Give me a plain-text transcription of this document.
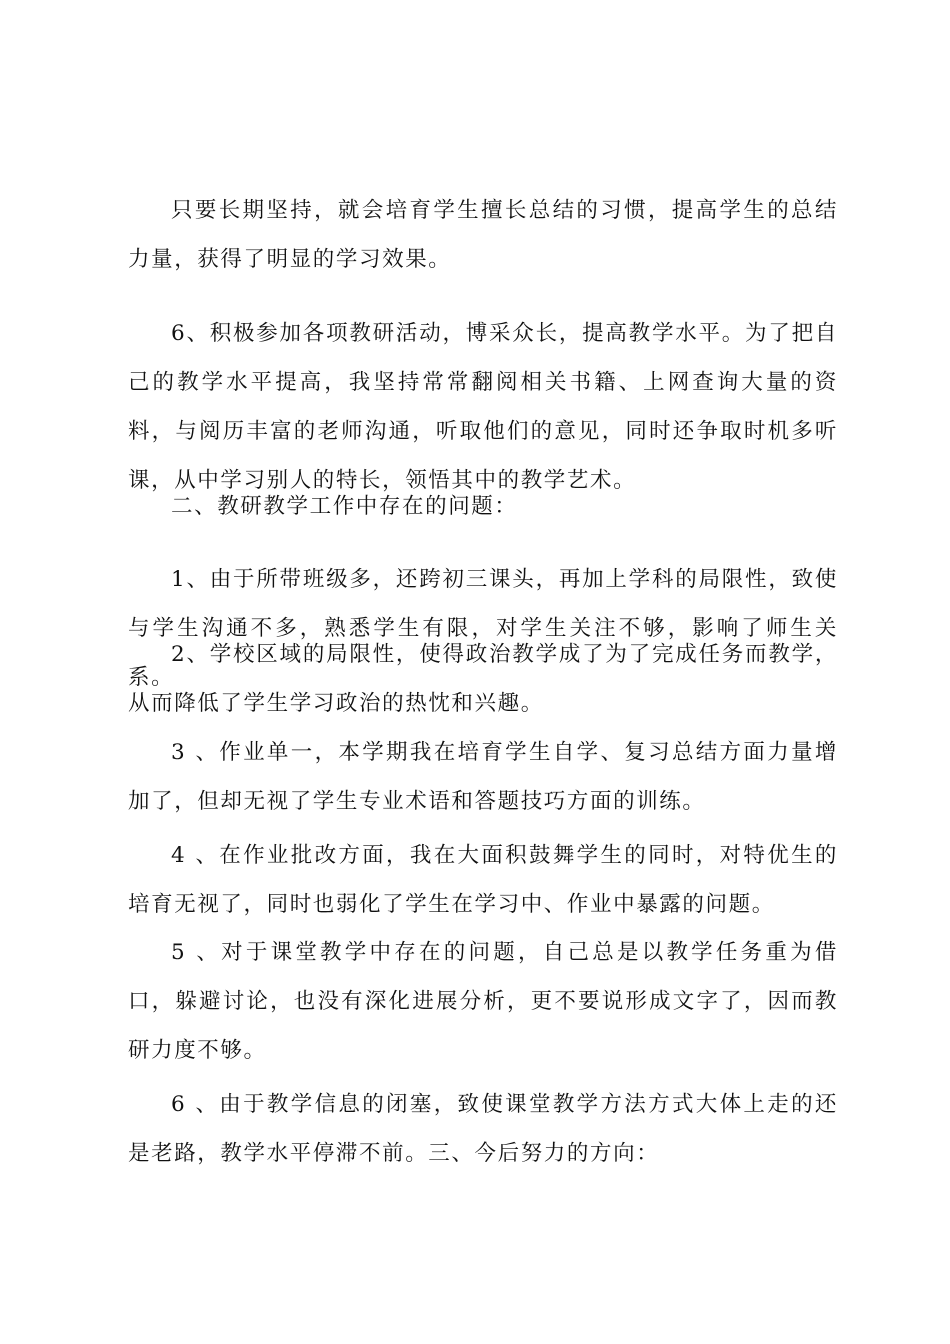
只要长期坚持，就会培育学生擅长总结的习惯，提高学生的总结力量，获得了明显的学习效果。

6、积极参加各项教研活动，博采众长，提高教学水平。为了把自己的教学水平提高，我坚持常常翻阅相关书籍、上网查询大量的资料，与阅历丰富的老师沟通，听取他们的意见，同时还争取时机多听课，从中学习别人的特长，领悟其中的教学艺术。

二、教研教学工作中存在的问题：

1、由于所带班级多，还跨初三课头，再加上学科的局限性，致使与学生沟通不多，熟悉学生有限，对学生关注不够，影响了师生关系。

2、学校区域的局限性，使得政治教学成了为了完成任务而教学，从而降低了学生学习政治的热忱和兴趣。

3 、作业单一，本学期我在培育学生自学、复习总结方面力量增加了，但却无视了学生专业术语和答题技巧方面的训练。

4 、在作业批改方面，我在大面积鼓舞学生的同时，对特优生的培育无视了，同时也弱化了学生在学习中、作业中暴露的问题。

5 、对于课堂教学中存在的问题，自己总是以教学任务重为借口，躲避讨论，也没有深化进展分析，更不要说形成文字了，因而教研力度不够。

6 、由于教学信息的闭塞，致使课堂教学方法方式大体上走的还是老路，教学水平停滞不前。三、今后努力的方向：
